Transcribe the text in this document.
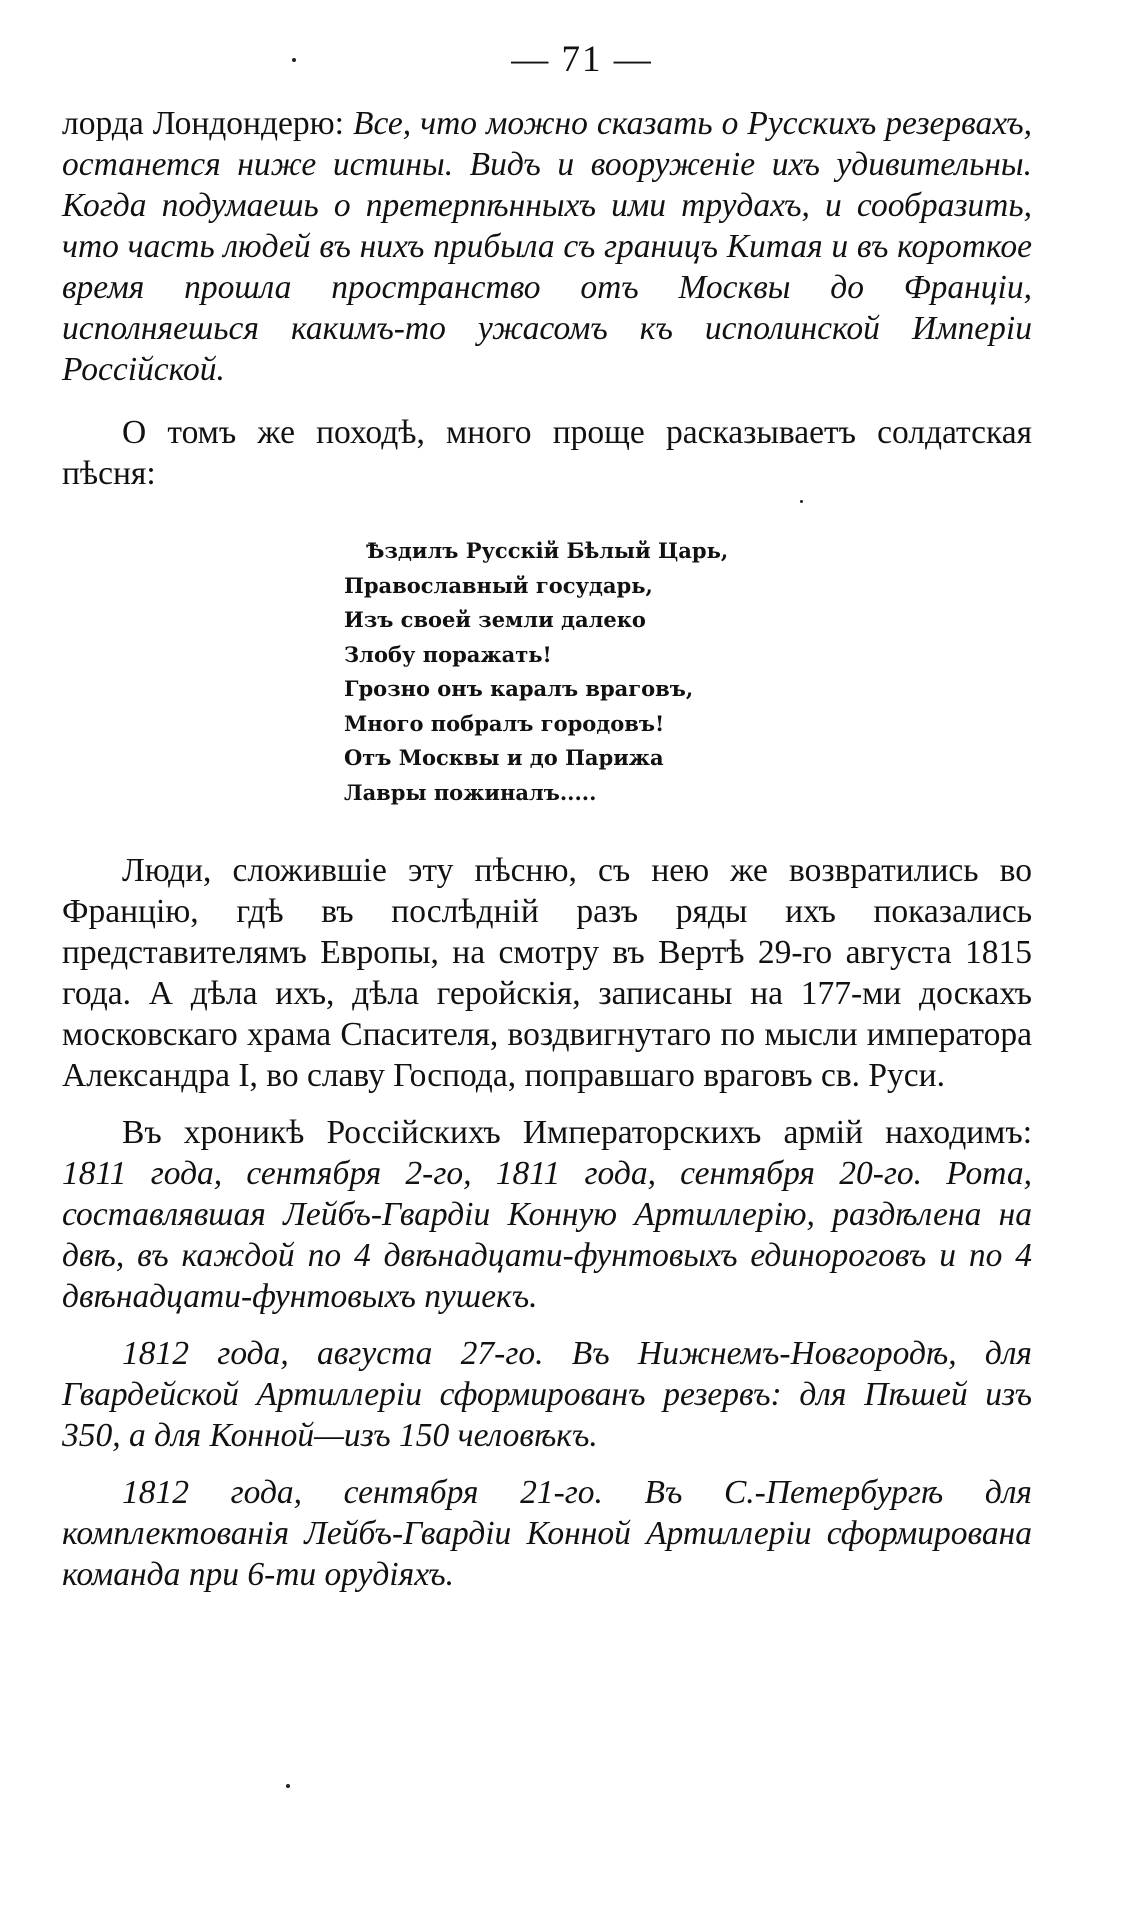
— 71 —

лорда Лондондерю: Все, что можно сказать о Русскихъ резервахъ, останется ниже истины. Видъ и вооруженіе ихъ удивительны. Когда подумаешь о претерпѣнныхъ ими трудахъ, и сообразить, что часть людей въ нихъ прибыла съ границъ Китая и въ короткое время прошла пространство отъ Москвы до Франціи, исполняешься какимъ-то ужасомъ къ исполинской Имперіи Россійской.

О томъ же походѣ, много проще расказываетъ солдатская пѣсня:

Ѣздилъ Русскій Бѣлый Царь,
Православный государь,
Изъ своей земли далеко
Злобу поражать!
Грозно онъ каралъ враговъ,
Много побралъ городовъ!
Отъ Москвы и до Парижа
Лавры пожиналъ.....

Люди, сложившіе эту пѣсню, съ нею же возвратились во Францію, гдѣ въ послѣдній разъ ряды ихъ показались представителямъ Европы, на смотру въ Вертѣ 29-го августа 1815 года. А дѣла ихъ, дѣла геройскія, записаны на 177-ми доскахъ московскаго храма Спасителя, воздвигнутаго по мысли императора Александра I, во славу Господа, поправшаго враговъ св. Руси.

Въ хроникѣ Россійскихъ Императорскихъ армій находимъ: 1811 года, сентября 2-го, 1811 года, сентября 20-го. Рота, составлявшая Лейбъ-Гвардіи Конную Артиллерію, раздѣлена на двѣ, въ каждой по 4 двѣнадцати-фунтовыхъ единороговъ и по 4 двѣнадцати-фунтовыхъ пушекъ.

1812 года, августа 27-го. Въ Нижнемъ-Новгородѣ, для Гвардейской Артиллеріи сформированъ резервъ: для Пѣшей изъ 350, а для Конной—изъ 150 человѣкъ.

1812 года, сентября 21-го. Въ С.-Петербургѣ для комплектованія Лейбъ-Гвардіи Конной Артиллеріи сформирована команда при 6-ти орудіяхъ.
